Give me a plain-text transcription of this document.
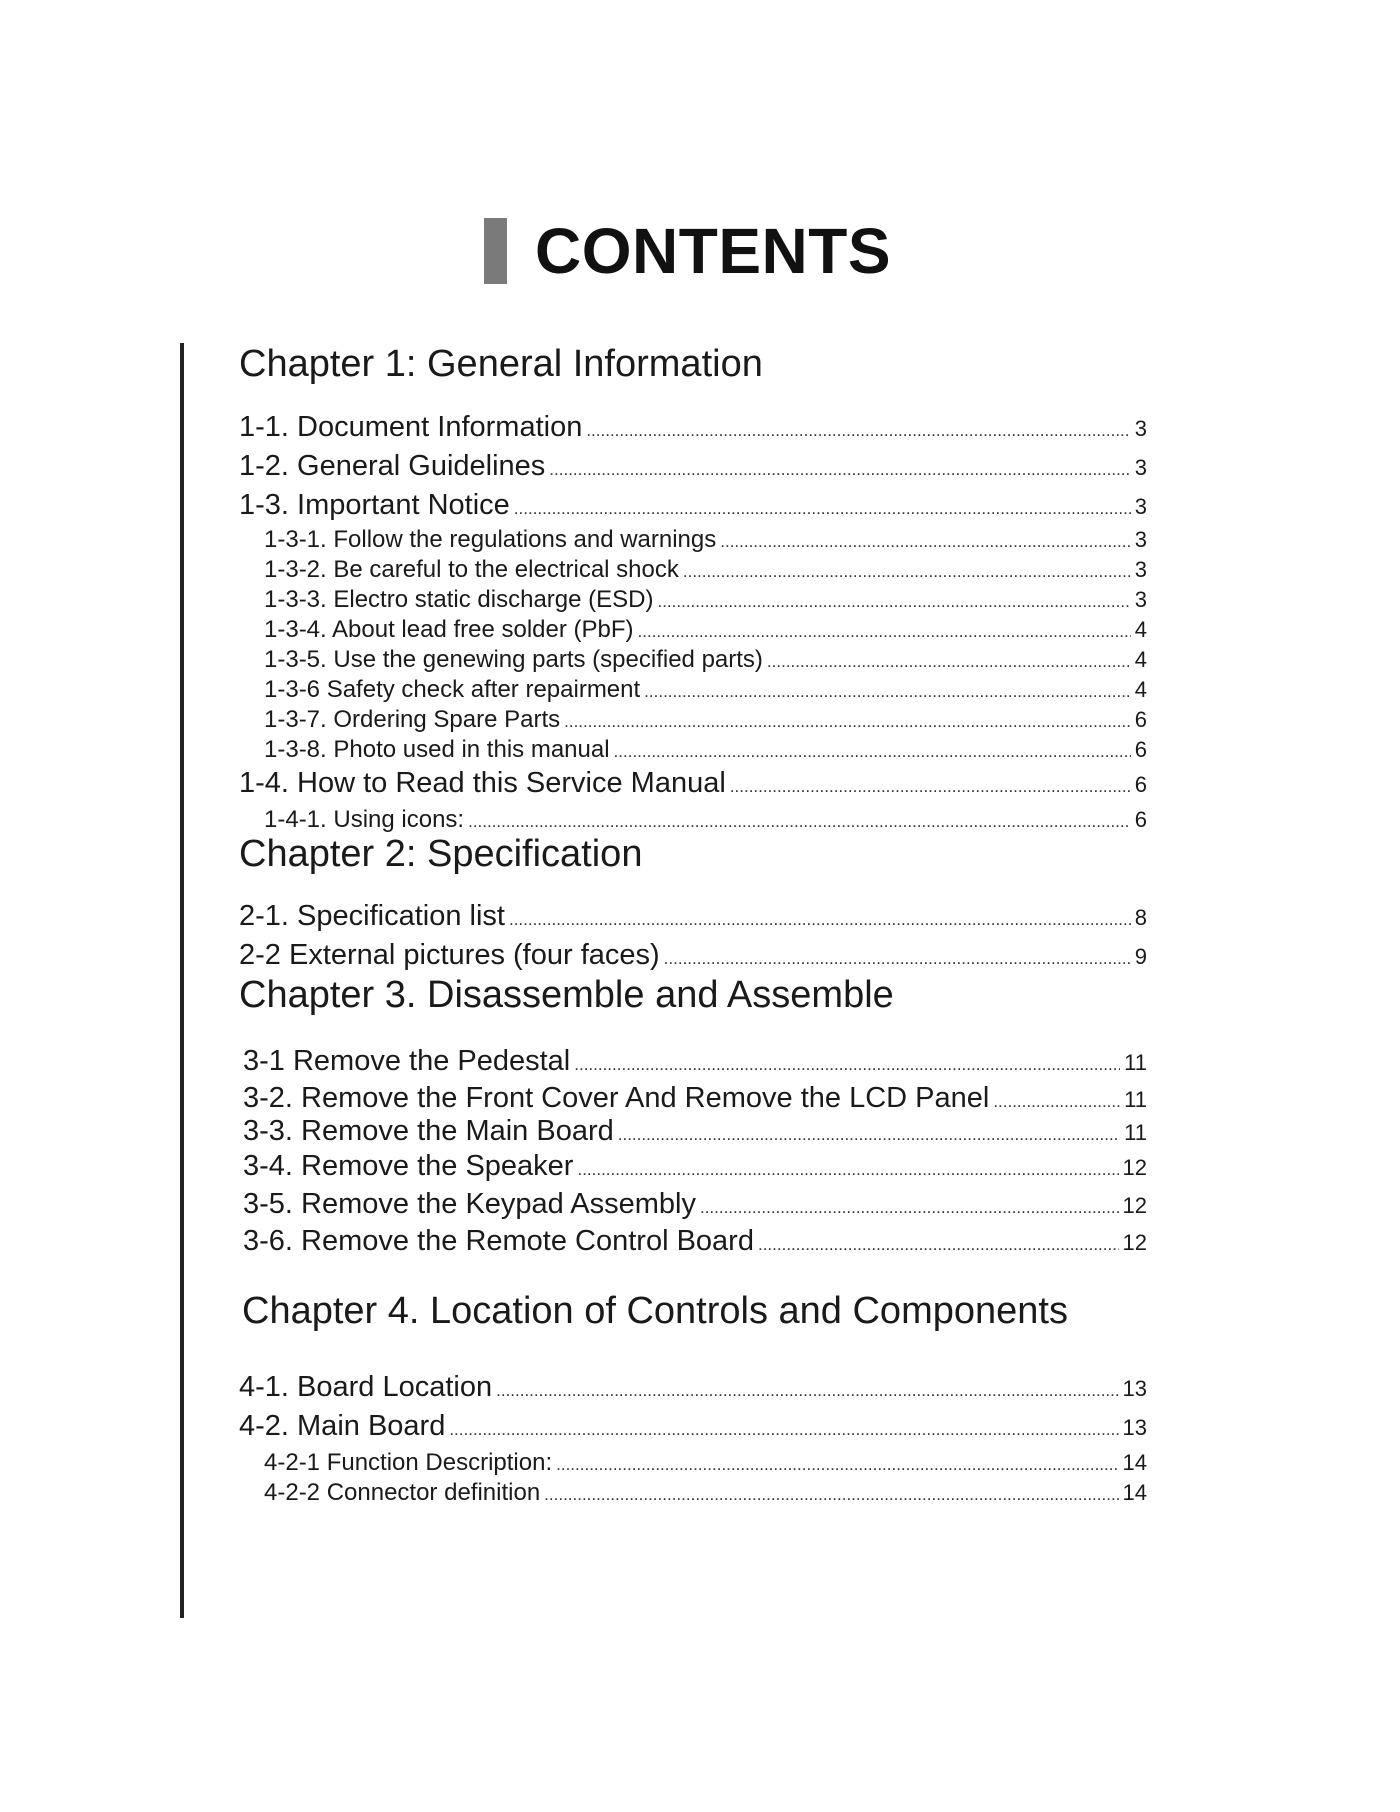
CONTENTS
Chapter 1: General Information
1-1. Document Information .....	3
1-2. General Guidelines .....	3
1-3. Important Notice .....	3
1-3-1. Follow the regulations and warnings .....	3
1-3-2. Be careful to the electrical shock .....	3
1-3-3. Electro static discharge (ESD) .....	3
1-3-4. About lead free solder (PbF) .....	4
1-3-5. Use the genewing parts (specified parts) .....	4
1-3-6 Safety check after repairment .....	4
1-3-7. Ordering Spare Parts .....	6
1-3-8. Photo used in this manual .....	6
1-4. How to Read this Service Manual .....	6
1-4-1. Using icons: .....	6
Chapter 2: Specification
2-1. Specification list .....	8
2-2 External pictures (four faces) .....	9
Chapter 3. Disassemble and Assemble
3-1 Remove the Pedestal .....	11
3-2. Remove the Front Cover And Remove the LCD Panel .....	11
3-3. Remove the Main Board .....	11
3-4. Remove the Speaker .....	12
3-5. Remove the Keypad Assembly .....	12
3-6. Remove the Remote Control Board .....	12
Chapter 4. Location of Controls and Components
4-1. Board Location .....	13
4-2. Main Board .....	13
4-2-1 Function Description: .....	14
4-2-2 Connector definition .....	14
